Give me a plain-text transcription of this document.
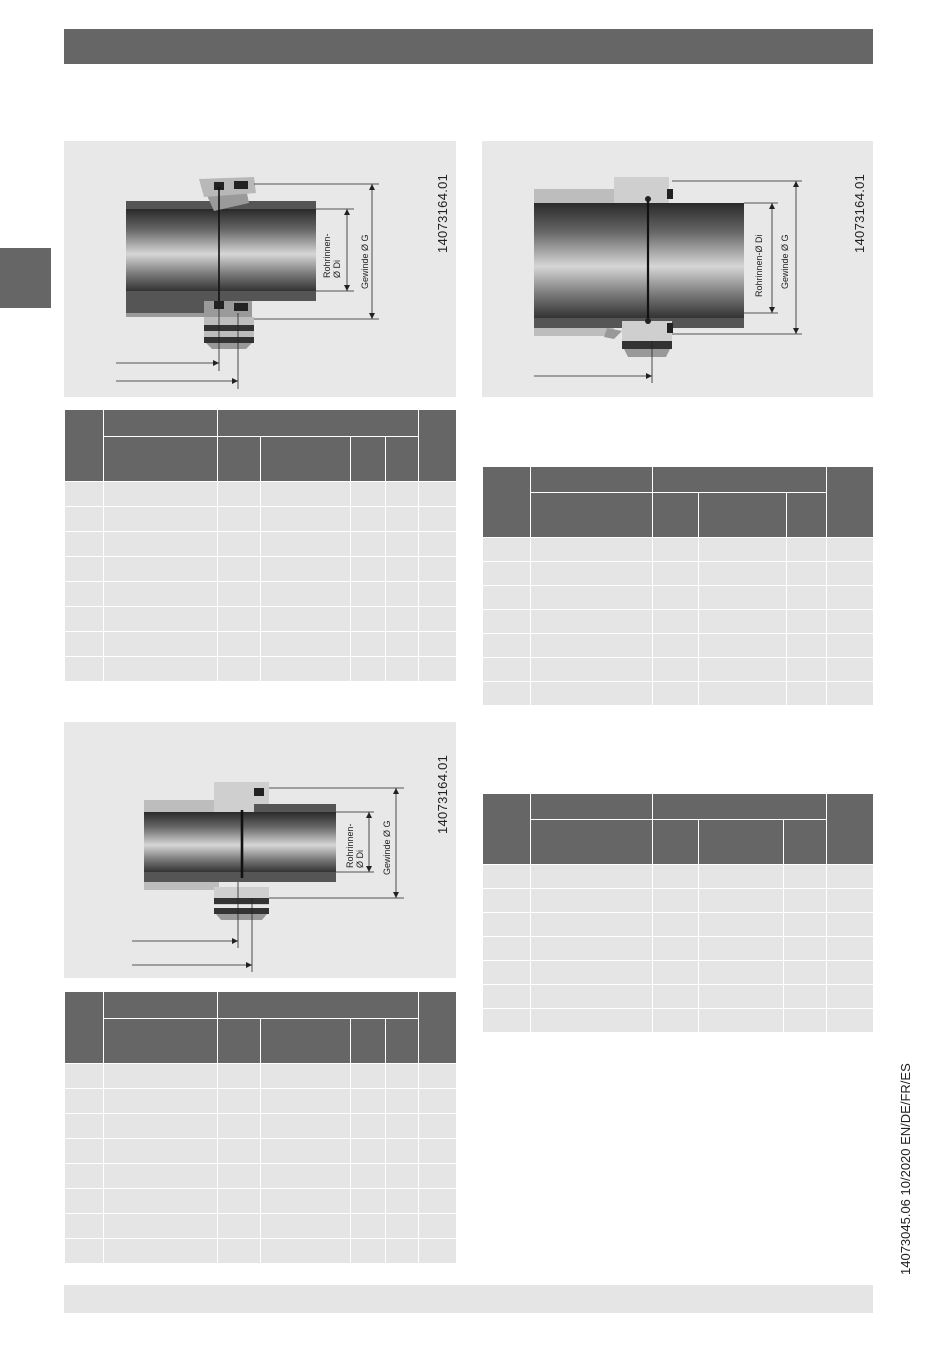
14073045.06 10/2020 EN/DE/FR/ES
Rohrinnen-
Ø Di Gewinde Ø G
14073164.01
Rohrinnen-Ø Di Gewinde Ø G
14073164.01
Rohrinnen-
Ø Di Gewinde Ø G
14073164.01
